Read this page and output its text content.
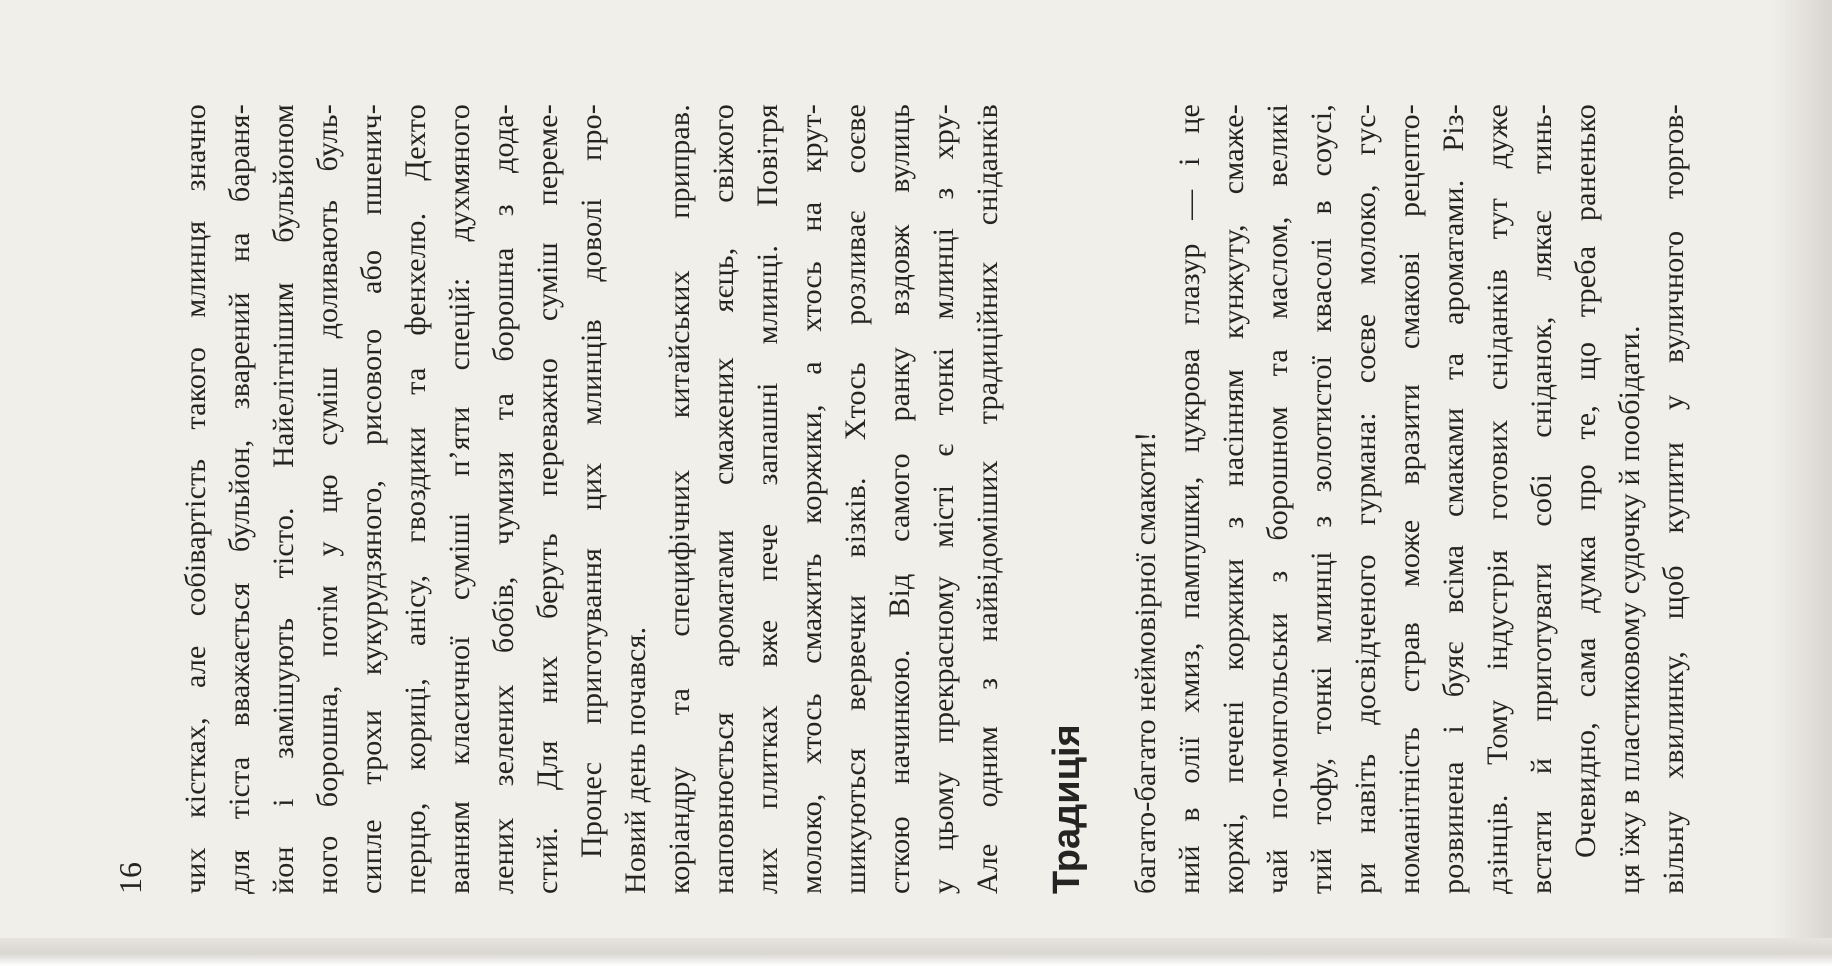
вільну хвилинку, щоб купити у вуличного торгов-
ця їжу в пластиковому судочку й пообідати.
Очевидно, сама думка про те, що треба раненько
встати й приготувати собі сніданок, лякає тинь-
дзінців. Тому індустрія готових сніданків тут дуже
розвинена і буяє всіма смаками та ароматами. Різ-
номанітність страв може вразити смакові рецепто-
ри навіть досвідченого гурмана: соєве молоко, гус-
тий тофу, тонкі млинці з золотистої квасолі в соусі,
чай по-монгольськи з борошном та маслом, великі
коржі, печені коржики з насінням кунжуту, смаже-
ний в олії хмиз, пампушки, цукрова глазур — і це
багато-багато неймовірної смакоти!
Традиція
Але одним з найвідоміших традиційних сніданків
у цьому прекрасному місті є тонкі млинці з хру-
сткою начинкою. Від самого ранку вздовж вулиць
шикуються вервечки візків. Хтось розливає соєве
молоко, хтось смажить коржики, а хтось на крут-
лих плитках вже пече запашні млинці. Повітря
наповнюється ароматами смажених яєць, свіжого
коріандру та специфічних китайських приправ.
Новий день почався.
Процес приготування цих млинців доволі про-
стий. Для них беруть переважно суміш переме-
лених зелених бобів, чумизи та борошна з дода-
ванням класичної суміші п’яти спецій: духмяного
перцю, кориці, анісу, гвоздики та фенхелю. Дехто
сипле трохи кукурудзяного, рисового або пшенич-
ного борошна, потім у цю суміш доливають буль-
йон і замішують тісто. Найелітнішим бульйоном
для тіста вважається бульйон, зварений на бараня-
чих кістках, але собівартість такого млинця значно
16
